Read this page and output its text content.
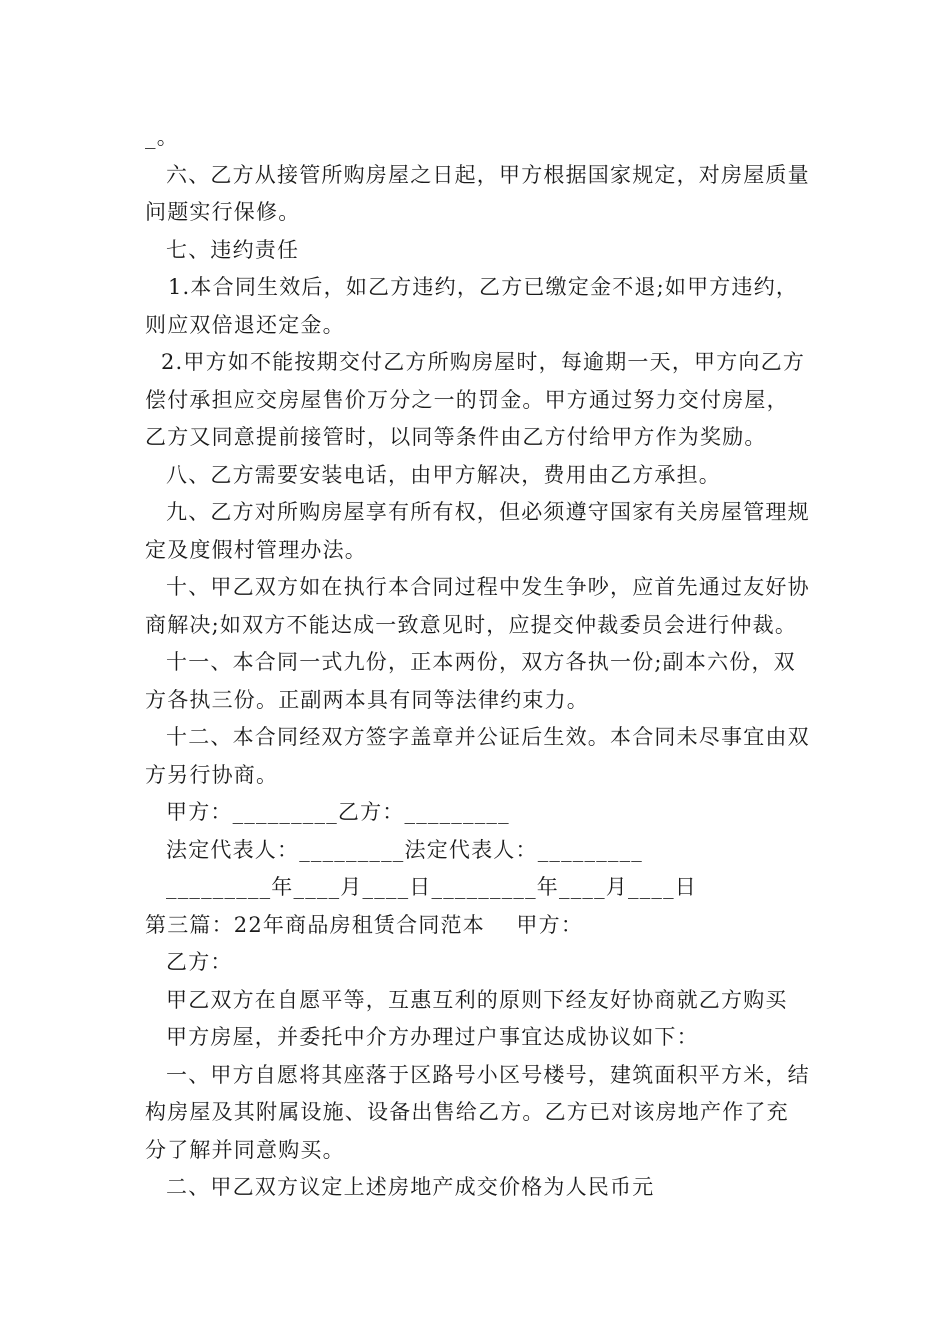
_。

六、乙方从接管所购房屋之日起，甲方根据国家规定，对房屋质量问题实行保修。

七、违约责任

1.本合同生效后，如乙方违约，乙方已缴定金不退;如甲方违约，则应双倍退还定金。

2.甲方如不能按期交付乙方所购房屋时，每逾期一天，甲方向乙方偿付承担应交房屋售价万分之一的罚金。甲方通过努力交付房屋，乙方又同意提前接管时，以同等条件由乙方付给甲方作为奖励。

八、乙方需要安装电话，由甲方解决，费用由乙方承担。

九、乙方对所购房屋享有所有权，但必须遵守国家有关房屋管理规定及度假村管理办法。

十、甲乙双方如在执行本合同过程中发生争吵，应首先通过友好协商解决;如双方不能达成一致意见时，应提交仲裁委员会进行仲裁。

十一、本合同一式九份，正本两份，双方各执一份;副本六份，双方各执三份。正副两本具有同等法律约束力。

十二、本合同经双方签字盖章并公证后生效。本合同未尽事宜由双方另行协商。

甲方：_________乙方：_________

法定代表人：_________法定代表人：_________

_________年____月____日_________年____月____日

第三篇：22年商品房租赁合同范本    甲方：

乙方：

甲乙双方在自愿平等，互惠互利的原则下经友好协商就乙方购买

甲方房屋，并委托中介方办理过户事宜达成协议如下：

一、甲方自愿将其座落于区路号小区号楼号，建筑面积平方米，结构房屋及其附属设施、设备出售给乙方。乙方已对该房地产作了充分了解并同意购买。

二、甲乙双方议定上述房地产成交价格为人民币元
